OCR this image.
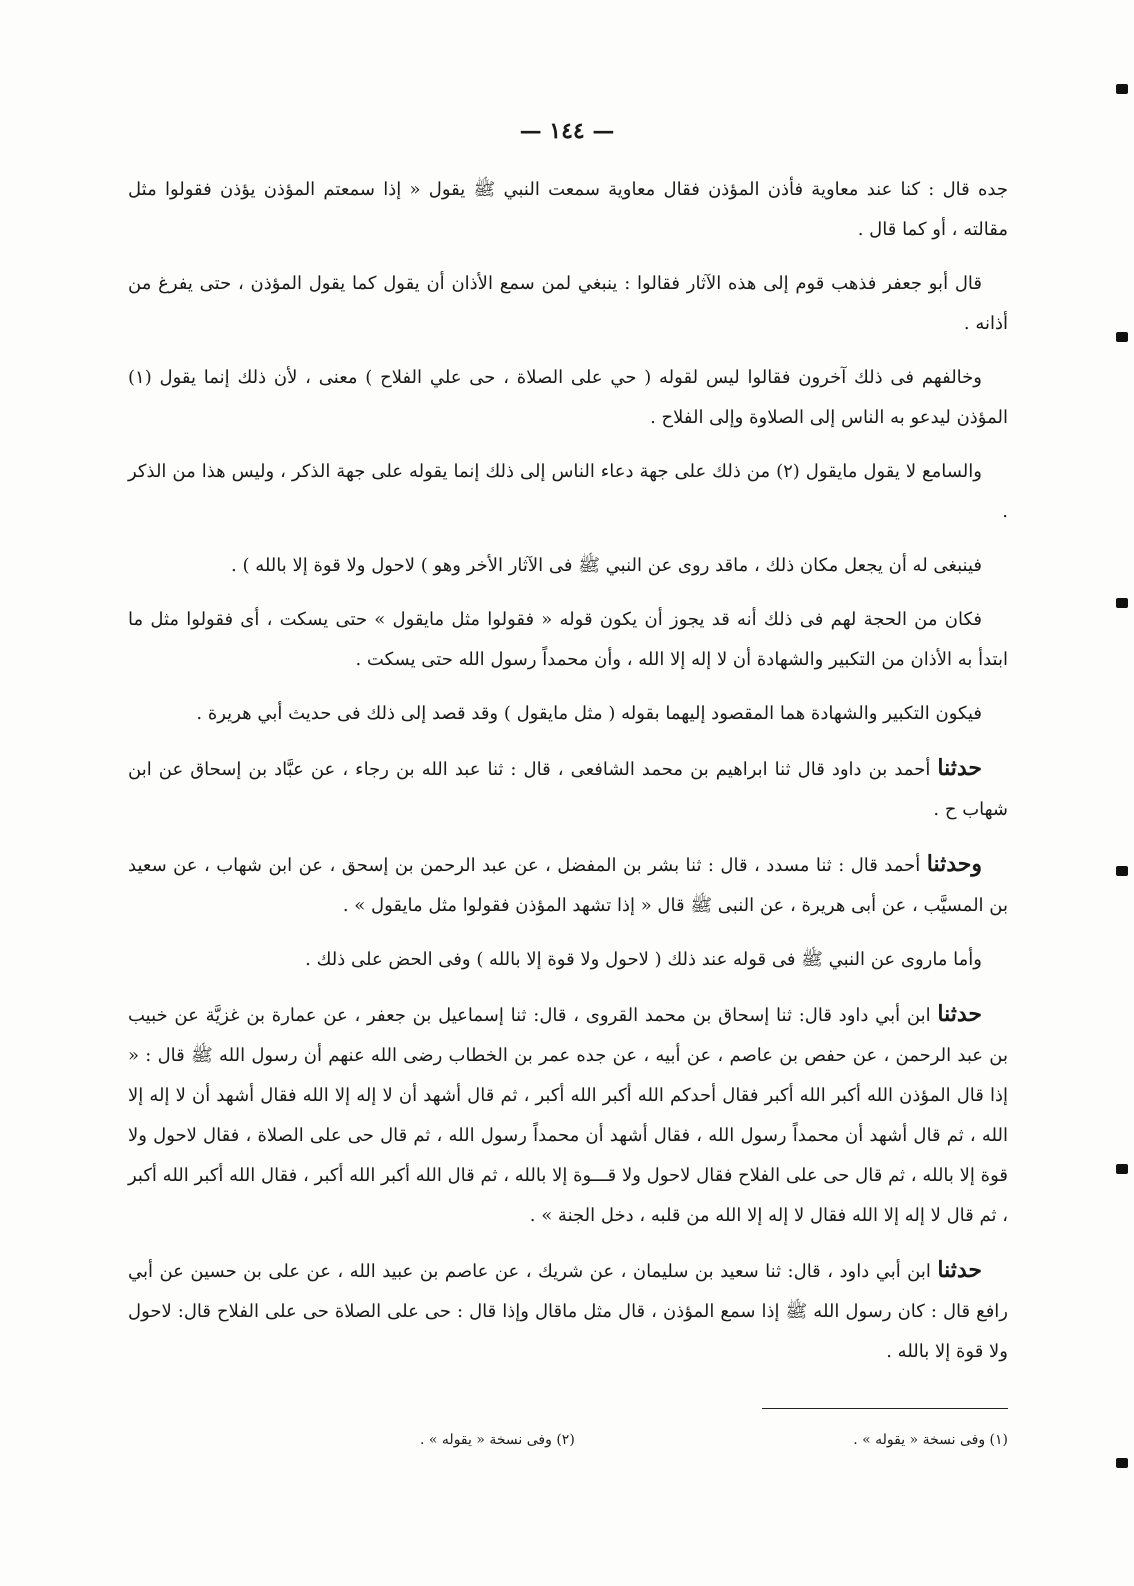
— ١٤٤ —

جده قال : كنا عند معاوية فأذن المؤذن فقال معاوية سمعت النبي ﷺ يقول « إذا سمعتم المؤذن يؤذن فقولوا مثل مقالته ، أو كما قال .

قال أبو جعفر فذهب قوم إلى هذه الآثار فقالوا : ينبغي لمن سمع الأذان أن يقول كما يقول المؤذن ، حتى يفرغ من أذانه .

وخالفهم فى ذلك آخرون فقالوا ليس لقوله ( حي على الصلاة ، حى علي الفلاح ) معنى ، لأن ذلك إنما يقول (١) المؤذن ليدعو به الناس إلى الصلاوة وإلى الفلاح .

والسامع لا يقول مايقول (٢) من ذلك على جهة دعاء الناس إلى ذلك إنما يقوله على جهة الذكر ، وليس هذا من الذكر .

فينبغى له أن يجعل مكان ذلك ، ماقد روى عن النبي ﷺ فى الآثار الأخر وهو ) لاحول ولا قوة إلا بالله ) .

فكان من الحجة لهم فى ذلك أنه قد يجوز أن يكون قوله « فقولوا مثل مايقول » حتى يسكت ، أى فقولوا مثل ما ابتدأ به الأذان من التكبير والشهادة أن لا إله إلا الله ، وأن محمداً رسول الله حتى يسكت .

فيكون التكبير والشهادة هما المقصود إليهما بقوله ( مثل مايقول ) وقد قصد إلى ذلك فى حديث أبي هريرة .

حدثنا أحمد بن داود قال ثنا ابراهيم بن محمد الشافعى ، قال : ثنا عبد الله بن رجاء ، عن عبَّاد بن إسحاق عن ابن شهاب ح .

وحدثنا أحمد قال : ثنا مسدد ، قال : ثنا بشر بن المفضل ، عن عبد الرحمن بن إسحق ، عن ابن شهاب ، عن سعيد بن المسيَّب ، عن أبى هريرة ، عن النبى ﷺ قال « إذا تشهد المؤذن فقولوا مثل مايقول » .

وأما ماروى عن النبي ﷺ فى قوله عند ذلك ( لاحول ولا قوة إلا بالله ) وفى الحض على ذلك .

حدثنا ابن أبي داود قال: ثنا إسحاق بن محمد القروى ، قال: ثنا إسماعيل بن جعفر ، عن عمارة بن غزيَّة عن خبيب بن عبد الرحمن ، عن حفص بن عاصم ، عن أبيه ، عن جده عمر بن الخطاب رضى الله عنهم أن رسول الله ﷺ قال : « إذا قال المؤذن الله أكبر الله أكبر فقال أحدكم الله أكبر الله أكبر ، ثم قال أشهد أن لا إله إلا الله فقال أشهد أن لا إله إلا الله ، ثم قال أشهد أن محمداً رسول الله ، فقال أشهد أن محمداً رسول الله ، ثم قال حى على الصلاة ، فقال لاحول ولا قوة إلا بالله ، ثم قال حى على الفلاح فقال لاحول ولا قـــوة إلا بالله ، ثم قال الله أكبر الله أكبر ، فقال الله أكبر الله أكبر ، ثم قال لا إله إلا الله فقال لا إله إلا الله من قلبه ، دخل الجنة » .

حدثنا ابن أبي داود ، قال: ثنا سعيد بن سليمان ، عن شريك ، عن عاصم بن عبيد الله ، عن على بن حسين عن أبي رافع قال : كان رسول الله ﷺ إذا سمع المؤذن ، قال مثل ماقال وإذا قال : حى على الصلاة حى على الفلاح قال: لاحول ولا قوة إلا بالله .

(١) وفى نسخة « يقوله » .
(٢) وفى نسخة « يقوله » .
